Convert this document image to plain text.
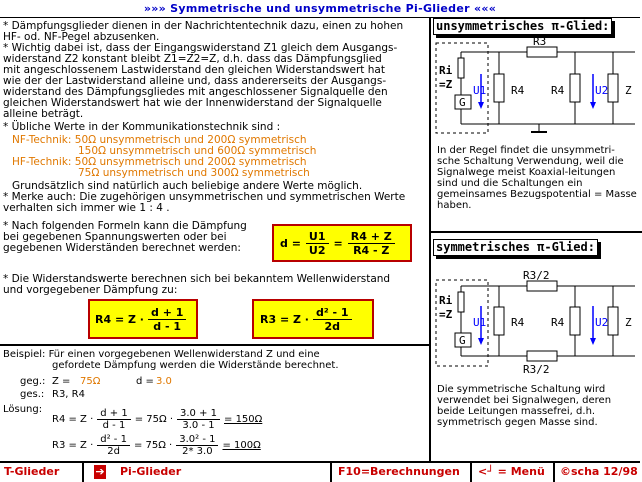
»»» Symmetrische und unsymmetrische Pi-Glieder «««
* Dämpfungsglieder dienen in der Nachrichtentechnik dazu, einen zu hohen
HF- od. NF-Pegel abzusenken.
* Wichtig dabei ist, dass der Eingangswiderstand Z1 gleich dem Ausgangs-
widerstand Z2 konstant bleibt Z1=Z2=Z, d.h. dass das Dämpfungsglied
mit angeschlossenem Lastwiderstand den gleichen Widerstandswert hat
wie der der Lastwiderstand alleine und, dass andererseits der Ausgangs-
widerstand des Dämpfungsgliedes mit angeschlossener Signalquelle den
gleichen Widerstandswert hat wie der Innenwiderstand der Signalquelle
alleine beträgt.
* Übliche Werte in der Kommunikationstechnik sind :
NF-Technik: 50Ω unsymmetrisch und 200Ω symmetrisch
150Ω unsymmetrisch und 600Ω symmetrisch
HF-Technik: 50Ω unsymmetrisch und 200Ω symmetrisch
75Ω unsymmetrisch und 300Ω symmetrisch
Grundsätzlich sind natürlich auch beliebige andere Werte möglich.
* Merke auch: Die zugehörigen unsymmetrischen und symmetrischen Werte
verhalten sich immer wie 1 : 4 .
* Nach folgenden Formeln kann die Dämpfung
bei gegebenen Spannungswerten oder bei
gegebenen Widerständen berechnet werden:	$d = \frac{U1}{U2} = \frac{R4 + Z}{R4 - Z}$
* Die Widerstandswerte berechnen sich bei bekanntem Wellenwiderstand
und vorgegebener Dämpfung zu:
$R4 = Z \cdot \frac{d + 1}{d - 1}$	$R3 = Z \cdot \frac{\text{d² - 1}}{2d}$
Beispiel: Für einen vorgegebenen Wellenwiderstand Z und eine
gefordete Dämpfung werden die Widerstände berechnet.
geg.: Z = 75Ω	d = 3.0
ges.: R3, R4
Lösung:
$R4 = Z \cdot \frac{d + 1}{d - 1} = 75\Omega \cdot \frac{3.0 + 1}{3.0 - 1} = 150\Omega$
$R3 = Z \cdot \frac{\text{d² - 1}}{2d} = 75\Omega \cdot \frac{\text{3.0² - 1}}{2* 3.0} = 100\Omega$
unsymmetrisches π-Glied:
Ri
=Z
G
U1 R4
R3
R4	U2 Z
In der Regel findet die unsymmetri-sche Schaltung Verwendung, weil die Signalwege meist Koaxial-leitungen sind und die Schaltungen ein gemeinsames Bezugspotential = Masse haben.
symmetrisches π-Glied:
Ri
=Z
G
U1 R4
R3/2
R3/2
R4	U2 Z
Die symmetrische Schaltung wird verwendet bei Signalwegen, deren beide Leitungen massefrei, d.h. symmetrisch gegen Masse sind.
T-Glieder	➔ Pi-Glieder	F10=Berechnungen <┘ = Menü ©scha 12/98
